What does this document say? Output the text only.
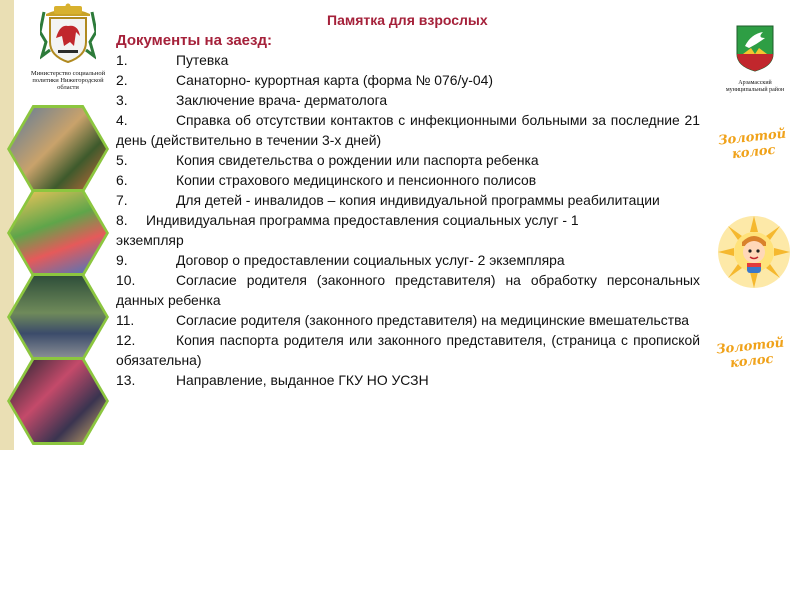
Министерство социальной политики Нижегородской области
Памятка для взрослых
Документы на заезд:
1.	Путевка
2.	Санаторно- курортная карта (форма № 076/у-04)
3.	Заключение врача- дерматолога
4.	Справка об отсутствии контактов с инфекционными больными за последние 21 день (действительно в течении 3-х дней)
5.	Копия свидетельства о рождении или паспорта ребенка
6.	Копии страхового медицинского и пенсионного полисов
7.	Для детей - инвалидов – копия индивидуальной программы реабилитации
8. Индивидуальная программа предоставления социальных услуг - 1 экземпляр
9.	Договор о предоставлении социальных услуг- 2 экземпляра
10.	Согласие родителя (законного представителя) на обработку персональных данных ребенка
11.	Согласие родителя (законного представителя) на медицинские вмешательства
12.	Копия паспорта родителя или законного представителя, (страница с пропиской обязательна)
13.	Направление, выданное ГКУ НО УСЗН
Арзамасский муниципальный район
Золотой колос
Золотой колос
